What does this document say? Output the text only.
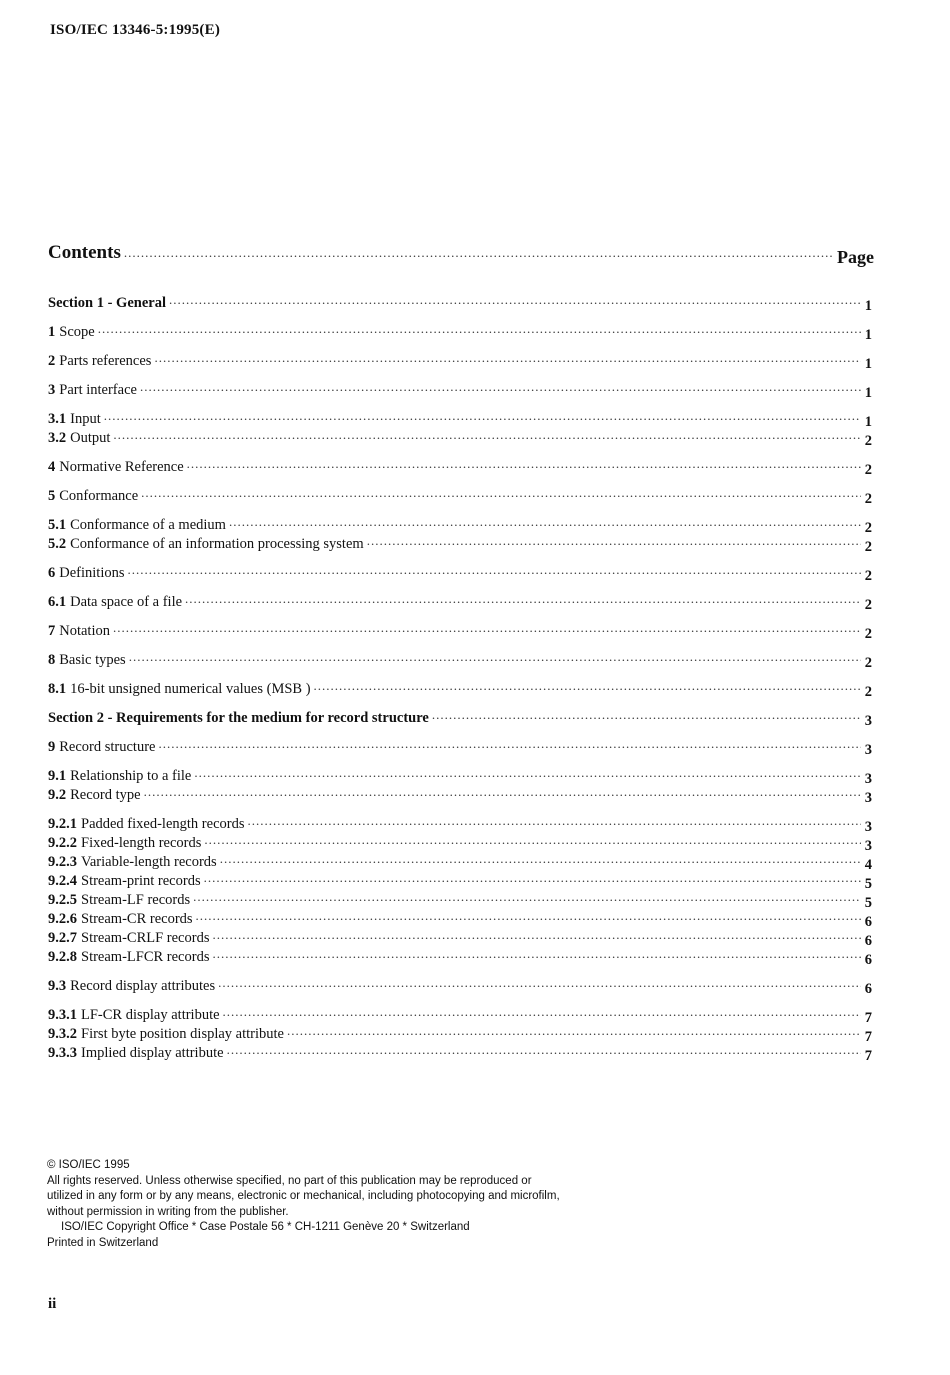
ISO/IEC 13346-5:1995(E)
Contents .....	Page
Section 1 - General .....	1
1 Scope .....	1
2 Parts references .....	1
3 Part interface .....	1
3.1 Input .....	1
3.2 Output .....	2
4 Normative Reference .....	2
5 Conformance .....	2
5.1 Conformance of a medium .....	2
5.2 Conformance of an information processing system .....	2
6 Definitions .....	2
6.1 Data space of a file .....	2
7 Notation .....	2
8 Basic types .....	2
8.1 16-bit unsigned numerical values (MSB ) .....	2
Section 2 - Requirements for the medium for record structure .....	3
9 Record structure .....	3
9.1 Relationship to a file .....	3
9.2 Record type .....	3
9.2.1 Padded fixed-length records .....	3
9.2.2 Fixed-length records .....	3
9.2.3 Variable-length records .....	4
9.2.4 Stream-print records .....	5
9.2.5 Stream-LF records .....	5
9.2.6 Stream-CR records .....	6
9.2.7 Stream-CRLF records .....	6
9.2.8 Stream-LFCR records .....	6
9.3 Record display attributes .....	6
9.3.1 LF-CR display attribute .....	7
9.3.2 First byte position display attribute .....	7
9.3.3 Implied display attribute .....	7
© ISO/IEC 1995
All rights reserved. Unless otherwise specified, no part of this publication may be reproduced or
utilized in any form or by any means, electronic or mechanical, including photocopying and microfilm,
without permission in writing from the publisher.
ISO/IEC Copyright Office * Case Postale 56 * CH-1211 Genève 20 * Switzerland
Printed in Switzerland
ii
